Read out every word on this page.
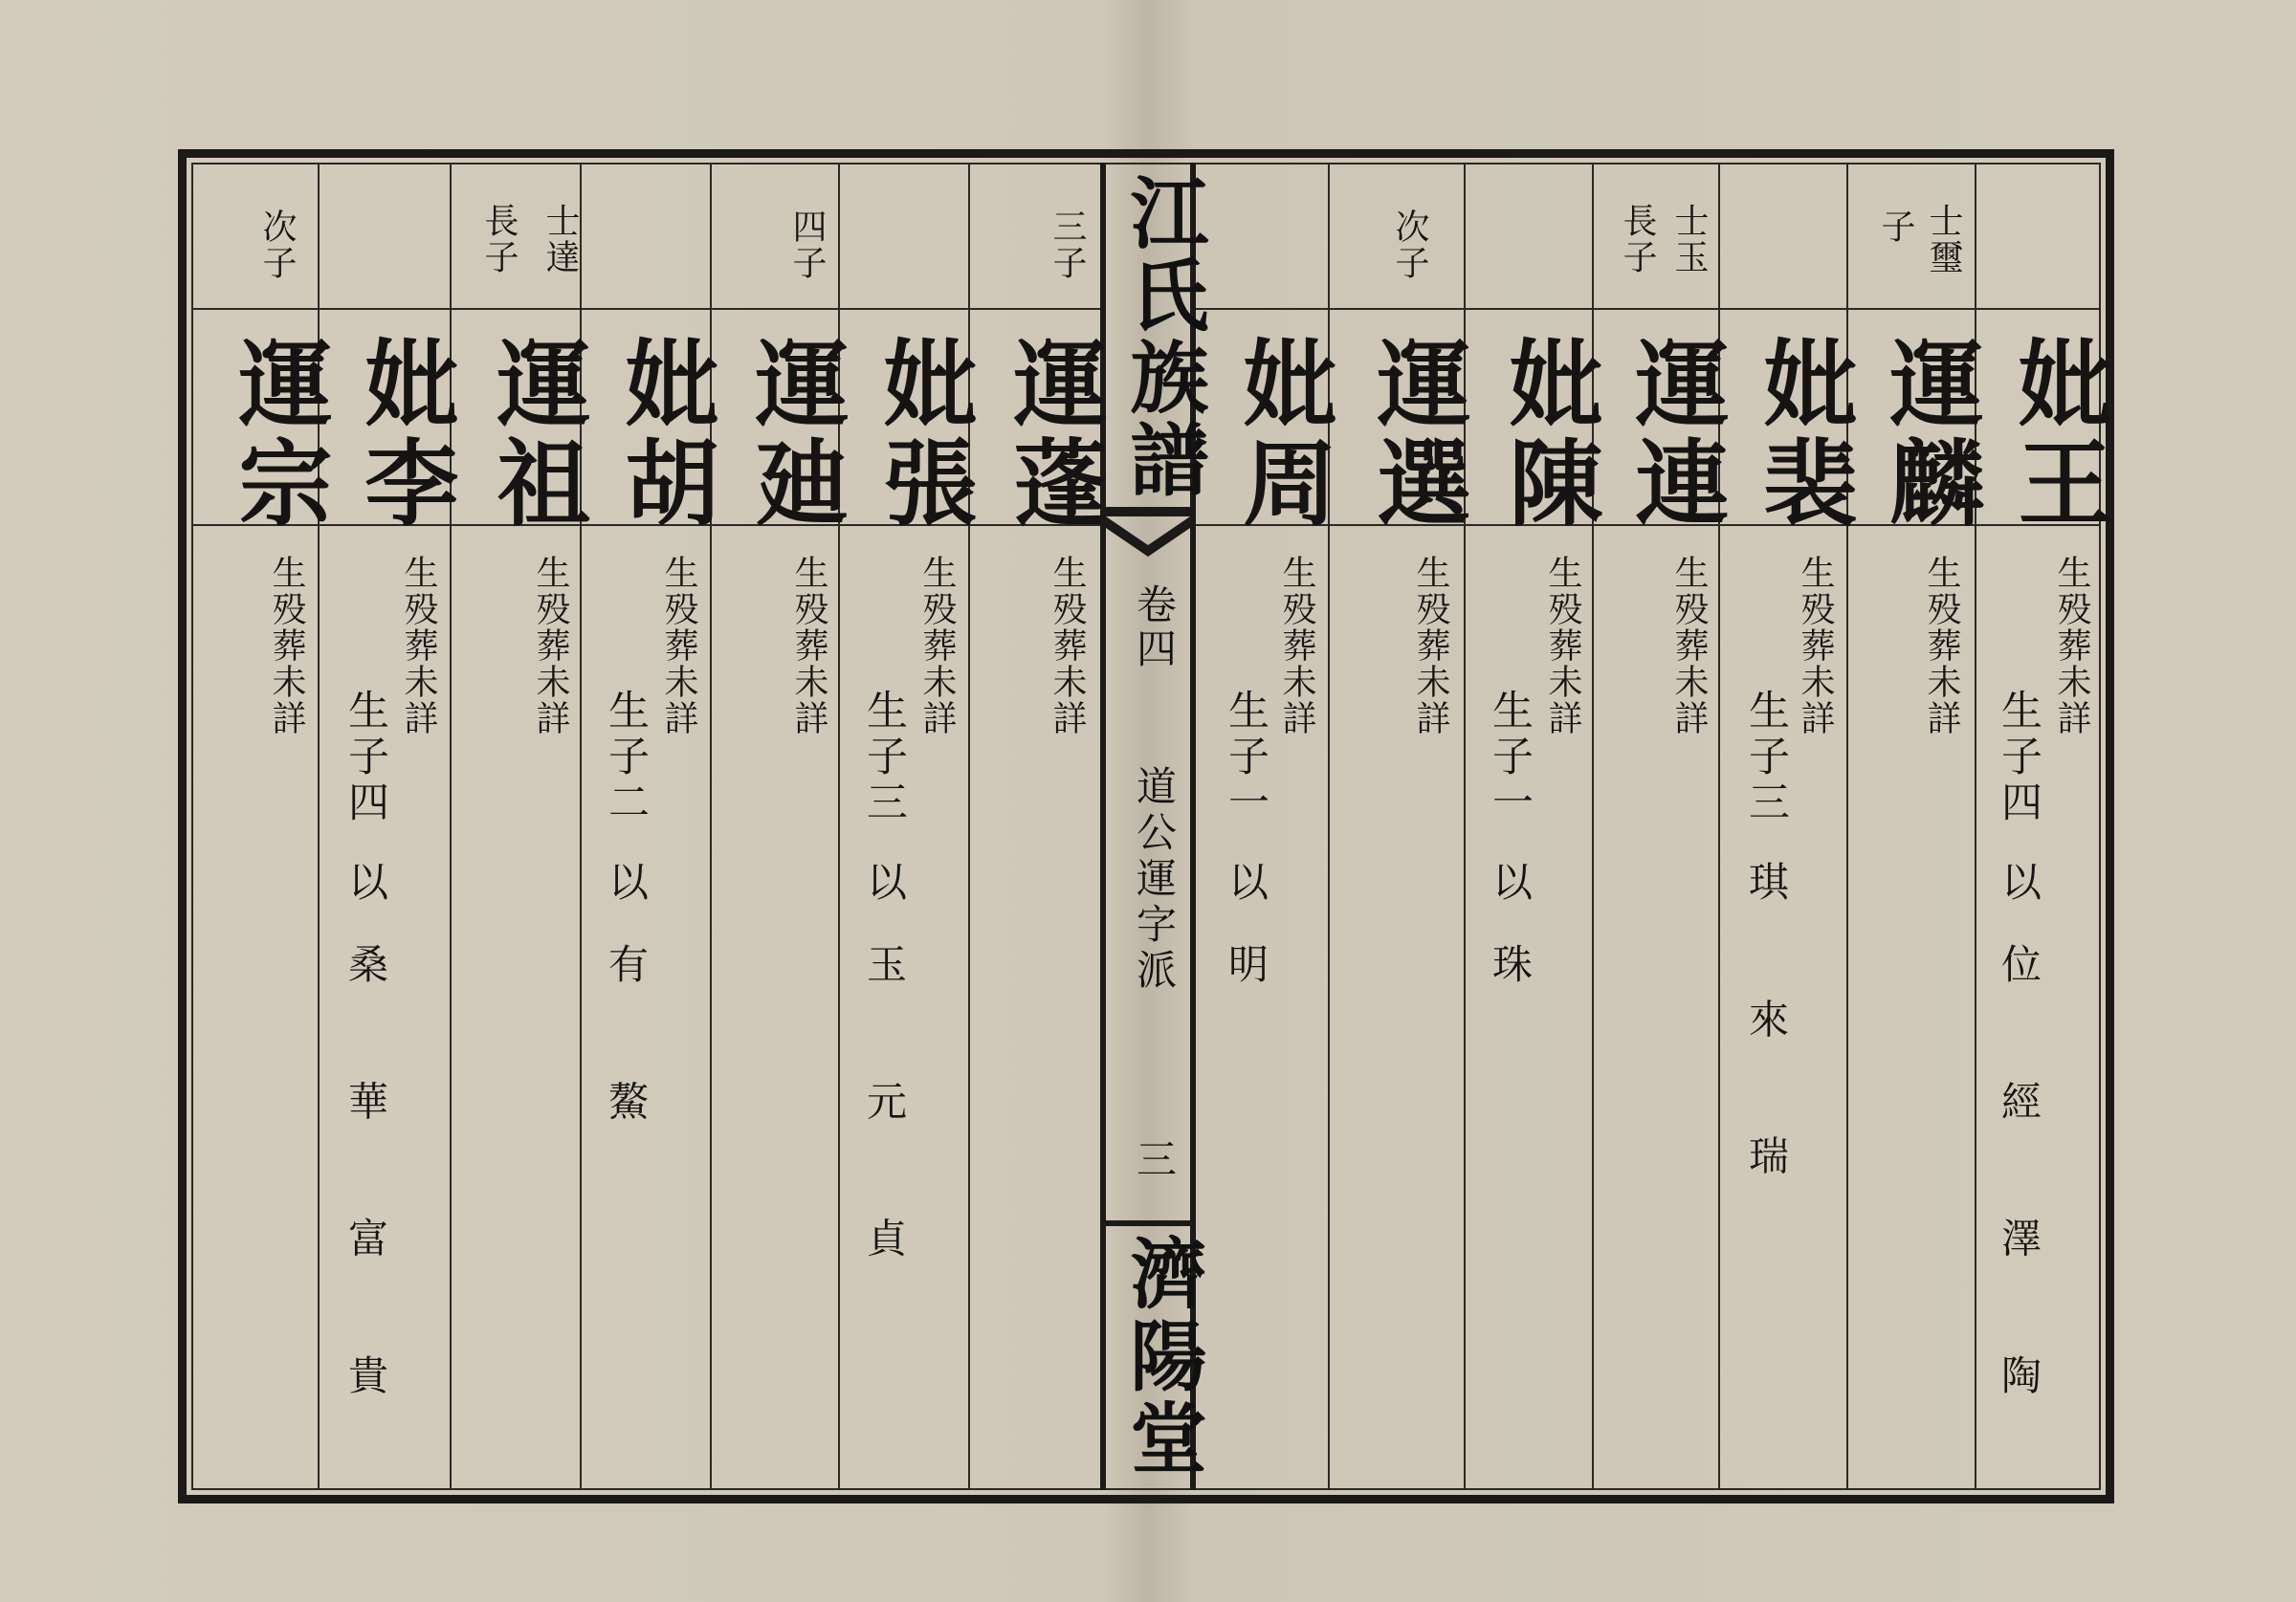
江氏族譜
卷四
道公運字派
三
濟陽堂
妣王
生殁葬未詳
生子四
以位 經 澤 陶
士璽
子
運麟
生殁葬未詳
妣裴
生殁葬未詳
生子三
琪 來 瑞
士玉
長子
運連
生殁葬未詳
妣陳
生殁葬未詳
生子一
以珠
次子
運選
生殁葬未詳
妣周
生殁葬未詳
生子一
以明
三子
運蓬
生殁葬未詳
妣張
生殁葬未詳
生子三
以玉 元 貞
四子
運廸
生殁葬未詳
妣胡
生殁葬未詳
生子二
以有 鰲
士達
長子
運祖
生殁葬未詳
妣李
生殁葬未詳
生子四
以桑 華 富 貴
次子
運宗
生殁葬未詳
